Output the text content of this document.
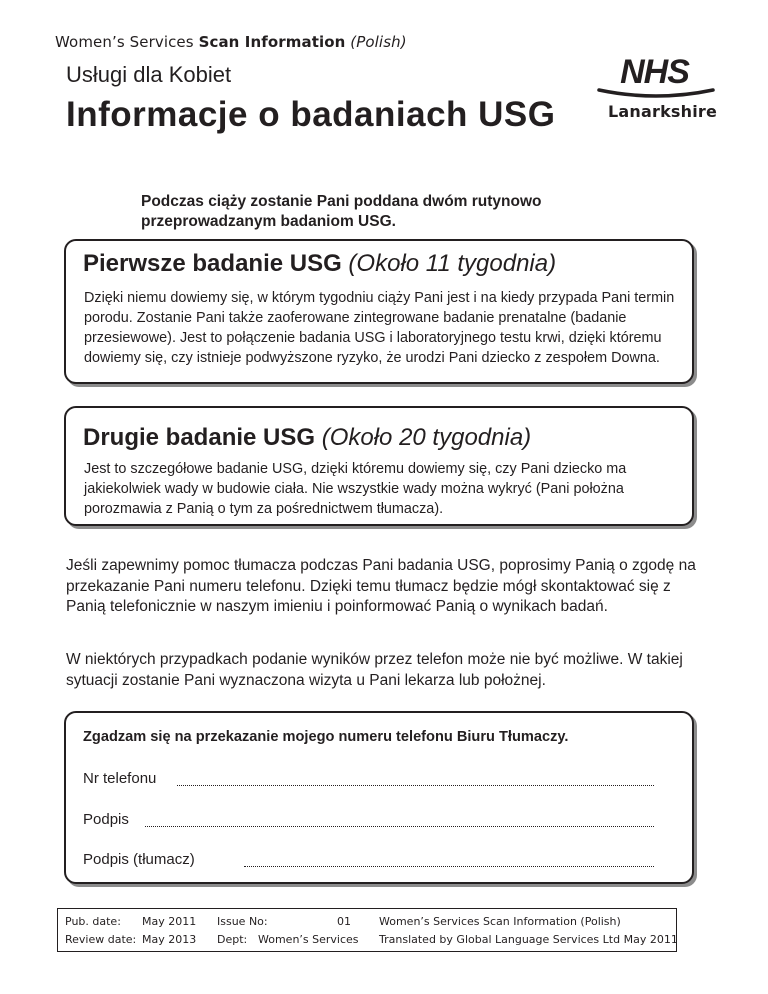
Women’s Services Scan Information (Polish)
Usługi dla Kobiet
Informacje o badaniach USG
NHS
Lanarkshire
Podczas ciąży zostanie Pani poddana dwóm rutynowo przeprowadzanym badaniom USG.
Pierwsze badanie USG (Około 11 tygodnia)
Dzięki niemu dowiemy się, w którym tygodniu ciąży Pani jest i na kiedy przypada Pani termin porodu. Zostanie Pani także zaoferowane zintegrowane badanie prenatalne (badanie przesiewowe). Jest to połączenie badania USG i laboratoryjnego testu krwi, dzięki któremu dowiemy się, czy istnieje podwyższone ryzyko, że urodzi Pani dziecko z zespołem Downa.
Drugie badanie USG (Około 20 tygodnia)
Jest to szczegółowe badanie USG, dzięki któremu dowiemy się, czy Pani dziecko ma jakiekolwiek wady w budowie ciała. Nie wszystkie wady można wykryć (Pani położna porozmawia z Panią o tym za pośrednictwem tłumacza).
Jeśli zapewnimy pomoc tłumacza podczas Pani badania USG, poprosimy Panią o zgodę na przekazanie Pani numeru telefonu. Dzięki temu tłumacz będzie mógł skontaktować się z Panią telefonicznie w naszym imieniu i poinformować Panią o wynikach badań.
W niektórych przypadkach podanie wyników przez telefon może nie być możliwe. W takiej sytuacji zostanie Pani wyznaczona wizyta u Pani lekarza lub położnej.
Zgadzam się na przekazanie mojego numeru telefonu Biuru Tłumaczy.
Nr telefonu
Podpis
Podpis (tłumacz)
Pub. date: May 2011
Review date: May 2013
Issue No:	01
Dept: Women’s Services
Women’s Services Scan Information (Polish)
Translated by Global Language Services Ltd May 2011
